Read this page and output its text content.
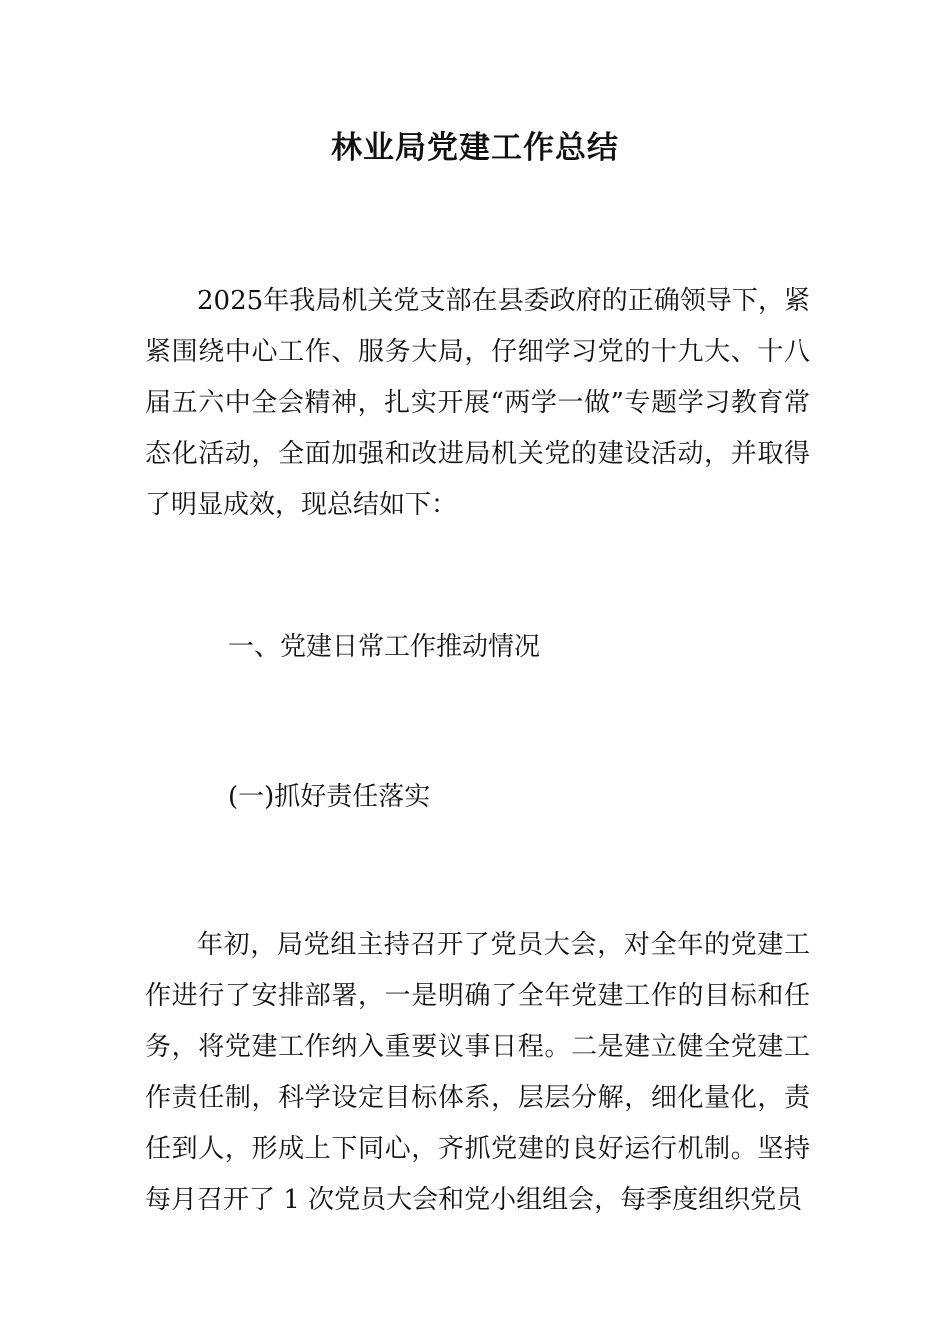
林业局党建工作总结

2025年我局机关党支部在县委政府的正确领导下，紧紧围绕中心工作、服务大局，仔细学习党的十九大、十八届五六中全会精神，扎实开展“两学一做”专题学习教育常态化活动，全面加强和改进局机关党的建设活动，并取得了明显成效，现总结如下：

一、党建日常工作推动情况

(一)抓好责任落实

年初，局党组主持召开了党员大会，对全年的党建工作进行了安排部署，一是明确了全年党建工作的目标和任务，将党建工作纳入重要议事日程。二是建立健全党建工作责任制，科学设定目标体系，层层分解，细化量化，责任到人，形成上下同心，齐抓党建的良好运行机制。坚持每月召开了 1 次党员大会和党小组组会，每季度组织党员
